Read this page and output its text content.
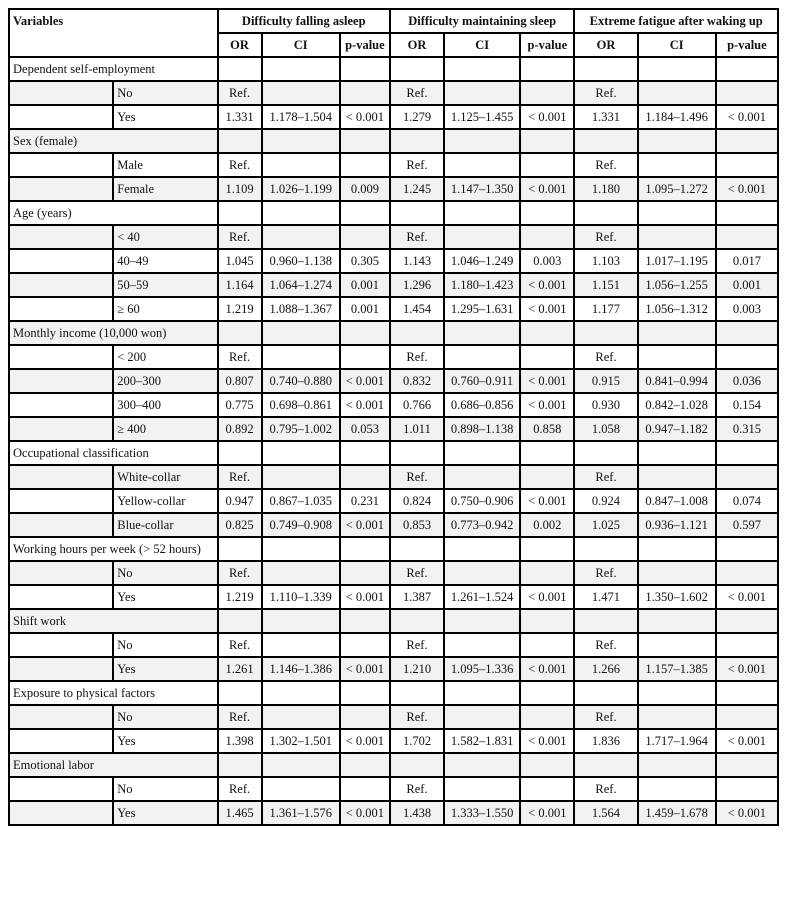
Variables		Difficulty falling asleep			Difficulty maintaining sleep			Extreme fatigue after waking up		
		OR	CI	p-value	OR	CI	p-value	OR	CI	p-value
Dependent self-employment										
	No	Ref.			Ref.			Ref.		
	Yes	1.331	1.178–1.504	< 0.001	1.279	1.125–1.455	< 0.001	1.331	1.184–1.496	< 0.001
Sex (female)										
	Male	Ref.			Ref.			Ref.		
	Female	1.109	1.026–1.199	0.009	1.245	1.147–1.350	< 0.001	1.180	1.095–1.272	< 0.001
Age (years)										
	< 40	Ref.			Ref.			Ref.		
	40–49	1.045	0.960–1.138	0.305	1.143	1.046–1.249	0.003	1.103	1.017–1.195	0.017
	50–59	1.164	1.064–1.274	0.001	1.296	1.180–1.423	< 0.001	1.151	1.056–1.255	0.001
	≥ 60	1.219	1.088–1.367	0.001	1.454	1.295–1.631	< 0.001	1.177	1.056–1.312	0.003
Monthly income (10,000 won)										
	< 200	Ref.			Ref.			Ref.		
	200–300	0.807	0.740–0.880	< 0.001	0.832	0.760–0.911	< 0.001	0.915	0.841–0.994	0.036
	300–400	0.775	0.698–0.861	< 0.001	0.766	0.686–0.856	< 0.001	0.930	0.842–1.028	0.154
	≥ 400	0.892	0.795–1.002	0.053	1.011	0.898–1.138	0.858	1.058	0.947–1.182	0.315
Occupational classification										
	White-collar	Ref.			Ref.			Ref.		
	Yellow-collar	0.947	0.867–1.035	0.231	0.824	0.750–0.906	< 0.001	0.924	0.847–1.008	0.074
	Blue-collar	0.825	0.749–0.908	< 0.001	0.853	0.773–0.942	0.002	1.025	0.936–1.121	0.597
Working hours per week (> 52 hours)										
	No	Ref.			Ref.			Ref.		
	Yes	1.219	1.110–1.339	< 0.001	1.387	1.261–1.524	< 0.001	1.471	1.350–1.602	< 0.001
Shift work										
	No	Ref.			Ref.			Ref.		
	Yes	1.261	1.146–1.386	< 0.001	1.210	1.095–1.336	< 0.001	1.266	1.157–1.385	< 0.001
Exposure to physical factors										
	No	Ref.			Ref.			Ref.		
	Yes	1.398	1.302–1.501	< 0.001	1.702	1.582–1.831	< 0.001	1.836	1.717–1.964	< 0.001
Emotional labor										
	No	Ref.			Ref.			Ref.		
	Yes	1.465	1.361–1.576	< 0.001	1.438	1.333–1.550	< 0.001	1.564	1.459–1.678	< 0.001
